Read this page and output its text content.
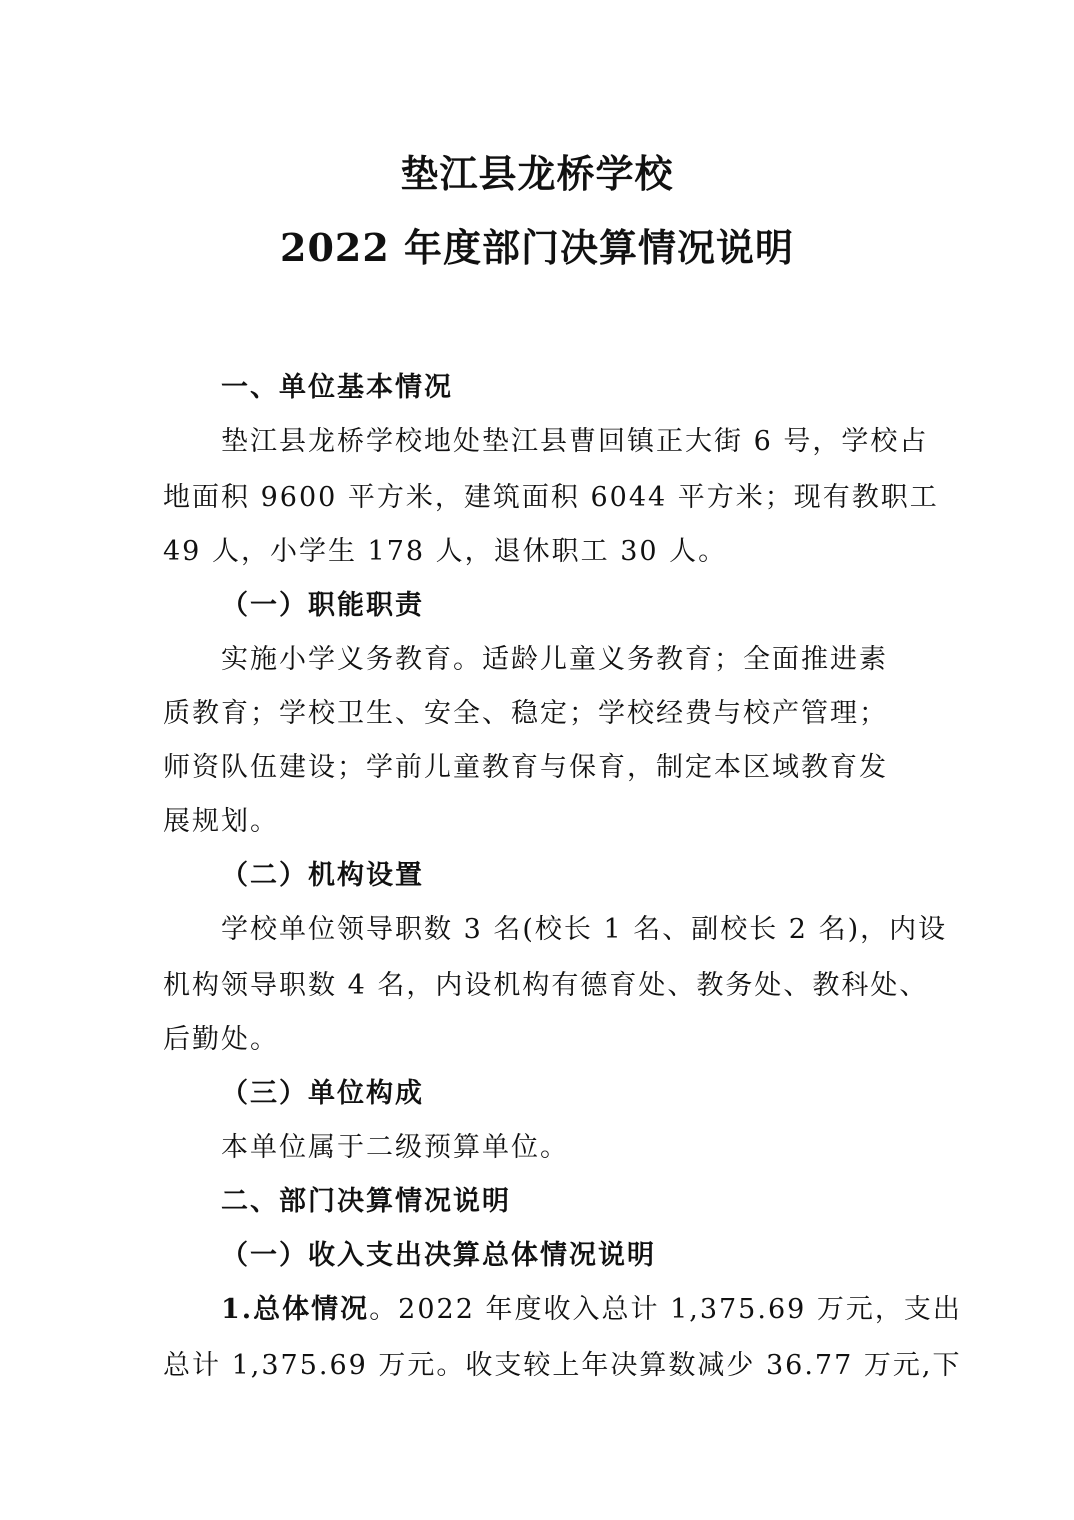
垫江县龙桥学校
2022 年度部门决算情况说明
一、单位基本情况
垫江县龙桥学校地处垫江县曹回镇正大街 6 号，学校占
地面积 9600 平方米，建筑面积 6044 平方米；现有教职工
49 人，小学生 178 人，退休职工 30 人。
（一）职能职责
实施小学义务教育。适龄儿童义务教育；全面推进素
质教育；学校卫生、安全、稳定；学校经费与校产管理；
师资队伍建设；学前儿童教育与保育，制定本区域教育发
展规划。
（二）机构设置
学校单位领导职数 3 名(校长 1 名、副校长 2 名)，内设
机构领导职数 4 名，内设机构有德育处、教务处、教科处、
后勤处。
（三）单位构成
本单位属于二级预算单位。
二、部门决算情况说明
（一）收入支出决算总体情况说明
1.总体情况。2022 年度收入总计 1,375.69 万元，支出
总计 1,375.69 万元。收支较上年决算数减少 36.77 万元,下
